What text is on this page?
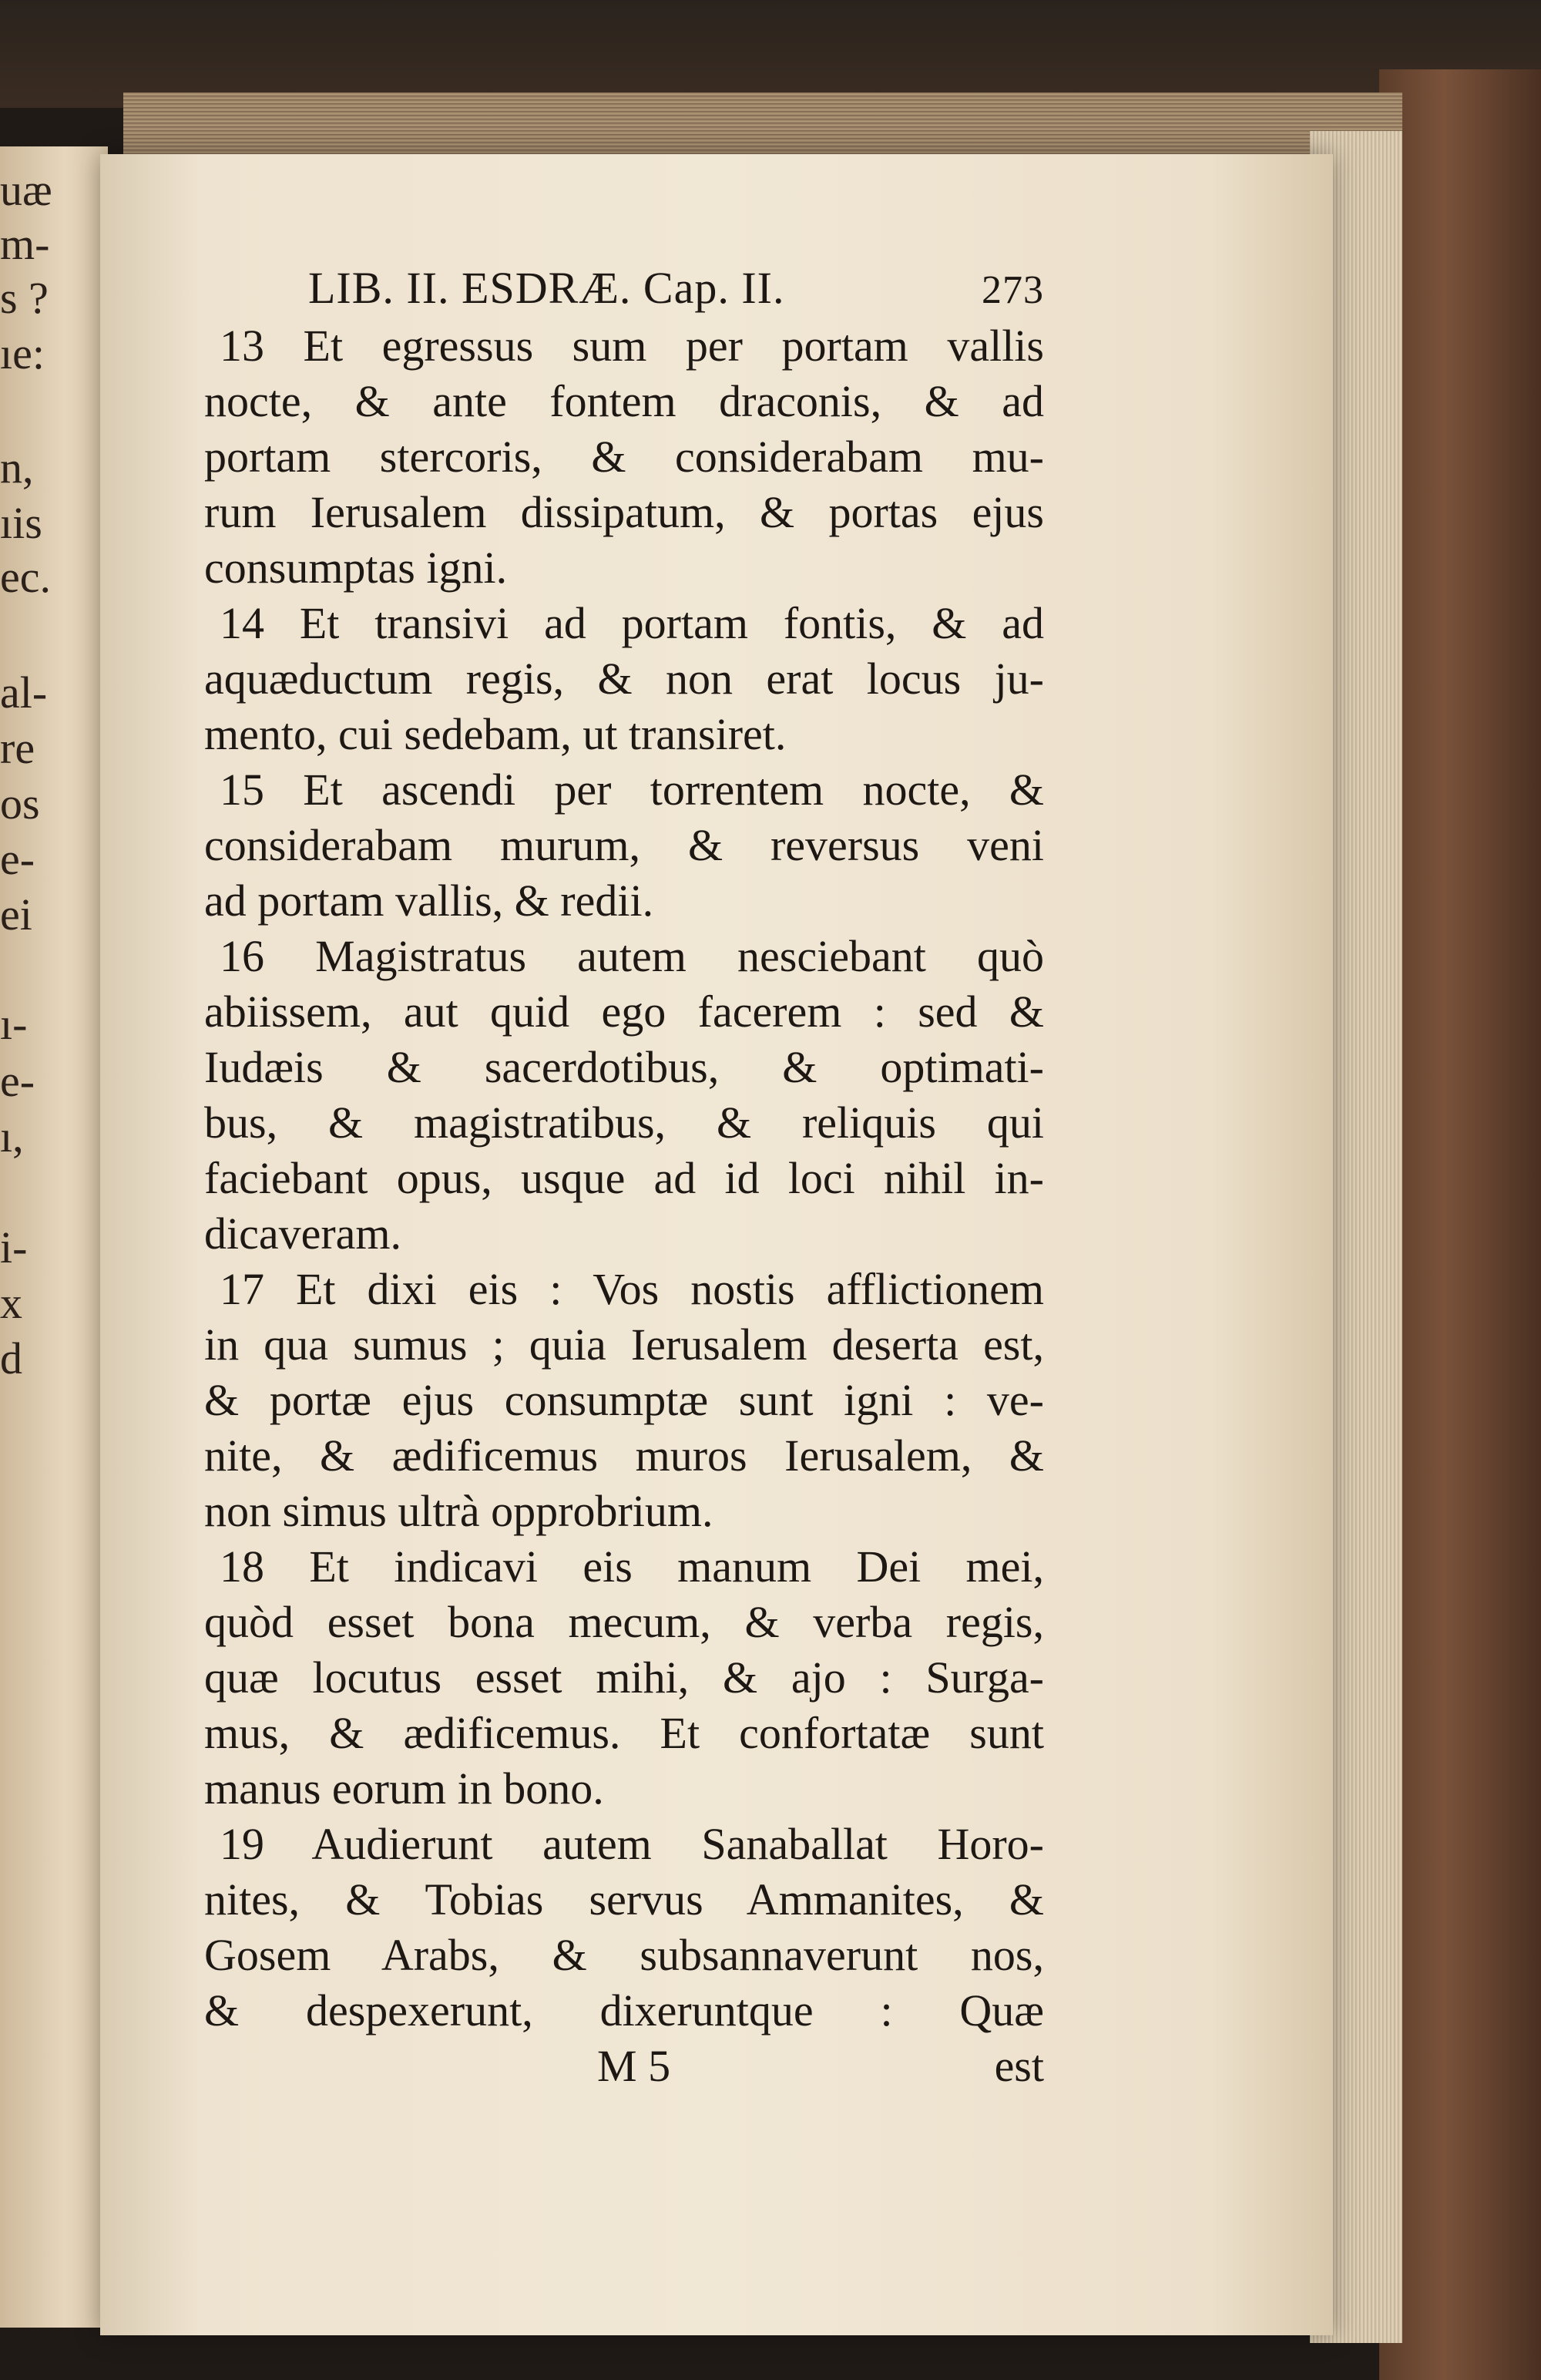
uæ
m-
s ?
ıe:
n,
ıis
ec.
al-
re
os
e-
ei
ı-
e-
ı,
i-
x
d
LIB. II. ESDRÆ. Cap. II.	273
13 Et egressus sum per portam vallis
nocte, & ante fontem draconis, & ad
portam stercoris, & considerabam mu-
rum Ierusalem dissipatum, & portas ejus
consumptas igni.
14 Et transivi ad portam fontis, & ad
aquæductum regis, & non erat locus ju-
mento, cui sedebam, ut transiret.
15 Et ascendi per torrentem nocte, &
considerabam murum, & reversus veni
ad portam vallis, & redii.
16 Magistratus autem nesciebant quò
abiissem, aut quid ego facerem : sed &
Iudæis & sacerdotibus, & optimati-
bus, & magistratibus, & reliquis qui
faciebant opus, usque ad id loci nihil in-
dicaveram.
17 Et dixi eis : Vos nostis afflictionem
in qua sumus ; quia Ierusalem deserta est,
& portæ ejus consumptæ sunt igni : ve-
nite, & ædificemus muros Ierusalem, &
non simus ultrà opprobrium.
18 Et indicavi eis manum Dei mei,
quòd esset bona mecum, & verba regis,
quæ locutus esset mihi, & ajo : Surga-
mus, & ædificemus. Et confortatæ sunt
manus eorum in bono.
19 Audierunt autem Sanaballat Horo-
nites, & Tobias servus Ammanites, &
Gosem Arabs, & subsannaverunt nos,
& despexerunt, dixeruntque : Quæ
M 5	est
